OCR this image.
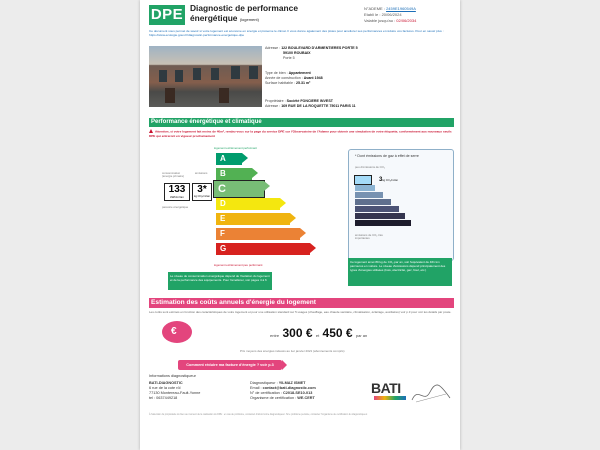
DPE Diagnostic de performance
énergétique (logement)
N°ADEME : 2459E1960549A
Etabli le : 20/06/2024
Valable jusqu'au : 02/06/2034
Ce document vous permet de savoir si votre logement est économe en énergie et préserve le climat. Il vous donne également des pistes pour améliorer ses performances et réduire vos factures. Pour en savoir plus : https://www.ecologie.gouv.fr/diagnostic-performance-energetique-dpe
Adresse : 122 BOULEVARD D'ARMENTIERES PORTE 5
59100 ROUBAIX
Porte 5
Type de bien : Appartement
Année de construction : Avant 1948
Surface habitable : 25.31 m²
Propriétaire : Société FONCIERE INVEST
Adresse : 169 RUE DE LA ROQUETTE 75011 PARIS 11
Performance énergétique et climatique
Attention, si votre logement fait moins de 40m², rendez-vous sur la page du service DPE sur l'Observatoire de l'Ademe pour obtenir une simulation de votre étiquette, conformément aux nouveaux seuils DPE qui entreront en vigueur prochainement
logement extrêmement performant
A
B
C
D
E
F
G
consommation (énergie primaire)
émissions
133
kWh/m²/an
3*
kg CO₂/m²/an
passoire énergétique
logement extrêmement peu performant
* Dont émissions de gaz à effet de serre
peu d'émissions de CO₂
3kg CO₂/m²/an
émissions de CO₂ très importantes
Le niveau de consommation énergétique dépend de l'isolation du logement et de la performance des équipements. Pour l'améliorer, voir pages 4 à 6
Ce logement émet 89 kg de CO₂ par an, soit l'équivalent de 461 km parcourus en voiture. Le niveau d'émissions dépend principalement des types d'énergies utilisées (bois, électricité, gaz, fioul, etc.)
Estimation des coûts annuels d'énergie du logement
Les coûts sont estimés en fonction des caractéristiques de votre logement et pour une utilisation standard sur 5 usages (chauffage, eau chaude sanitaire, climatisation, éclairage, auxiliaires) voir p.3 pour voir les détails par poste.
€	entre 300 € et 450 € par an
Prix moyens des énergies indexés au 1er janvier 2021 (abonnements compris)
Comment réduire ma facture d'énergie ? voir p.3
Informations diagnostiqueur
BATI-DIAGNOSTIC
6 rue de la cote rôl
77130 Montereau-Fault-Yonne
tel : 0637449218
Diagnostiqueur : YILMAZ ISMET
Email : contact@bati-diagnostic.com
N° de certification : C2018-SE10-013
Organisme de certification : WE.CERT
BATI
À l'attention du propriétaire du bien au moment de la réalisation du DPE : en cas de problème, contactez d'abord votre diagnostiqueur. Si le problème persiste, contactez l'organisme de certification du diagnostiqueur.
